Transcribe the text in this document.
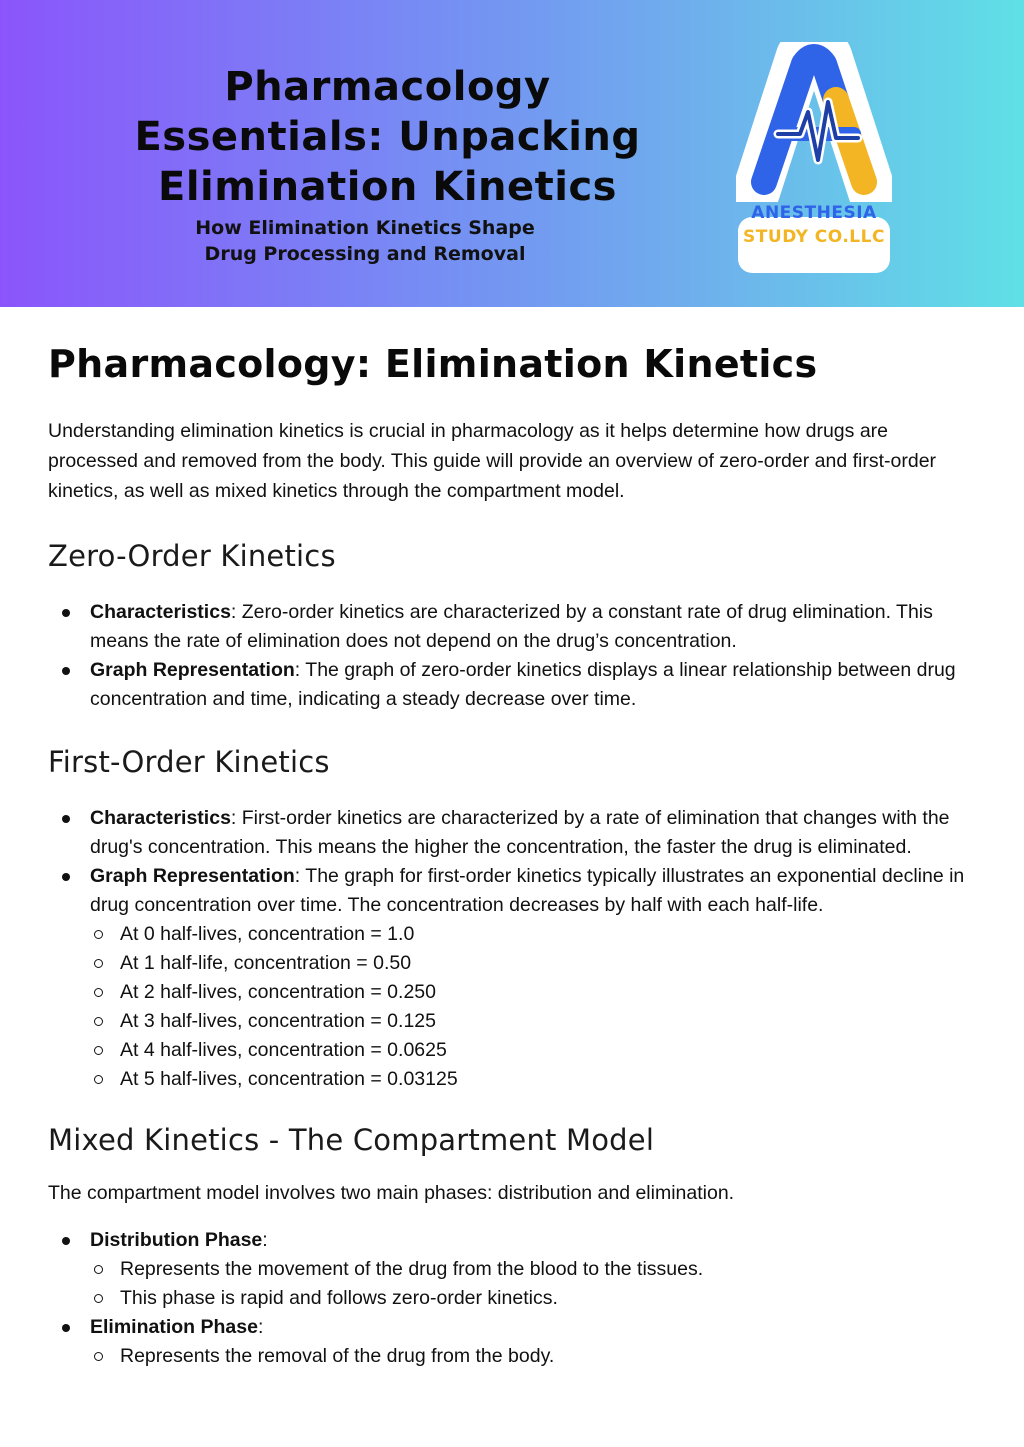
Pharmacology
Essentials: Unpacking
Elimination Kinetics

How Elimination Kinetics Shape
Drug Processing and Removal

ANESTHESIA
STUDY CO.LLC
Pharmacology: Elimination Kinetics

Understanding elimination kinetics is crucial in pharmacology as it helps determine how drugs are processed and removed from the body. This guide will provide an overview of zero-order and first-order kinetics, as well as mixed kinetics through the compartment model.

Zero-Order Kinetics
Characteristics: Zero-order kinetics are characterized by a constant rate of drug elimination. This means the rate of elimination does not depend on the drug’s concentration.
Graph Representation: The graph of zero-order kinetics displays a linear relationship between drug concentration and time, indicating a steady decrease over time.
First-Order Kinetics
Characteristics: First-order kinetics are characterized by a rate of elimination that changes with the drug's concentration. This means the higher the concentration, the faster the drug is eliminated.
Graph Representation: The graph for first-order kinetics typically illustrates an exponential decline in drug concentration over time. The concentration decreases by half with each half-life.
At 0 half-lives, concentration = 1.0
At 1 half-life, concentration = 0.50
At 2 half-lives, concentration = 0.250
At 3 half-lives, concentration = 0.125
At 4 half-lives, concentration = 0.0625
At 5 half-lives, concentration = 0.03125
Mixed Kinetics - The Compartment Model

The compartment model involves two main phases: distribution and elimination.

Distribution Phase:
Represents the movement of the drug from the blood to the tissues.
This phase is rapid and follows zero-order kinetics.
Elimination Phase:
Represents the removal of the drug from the body.
